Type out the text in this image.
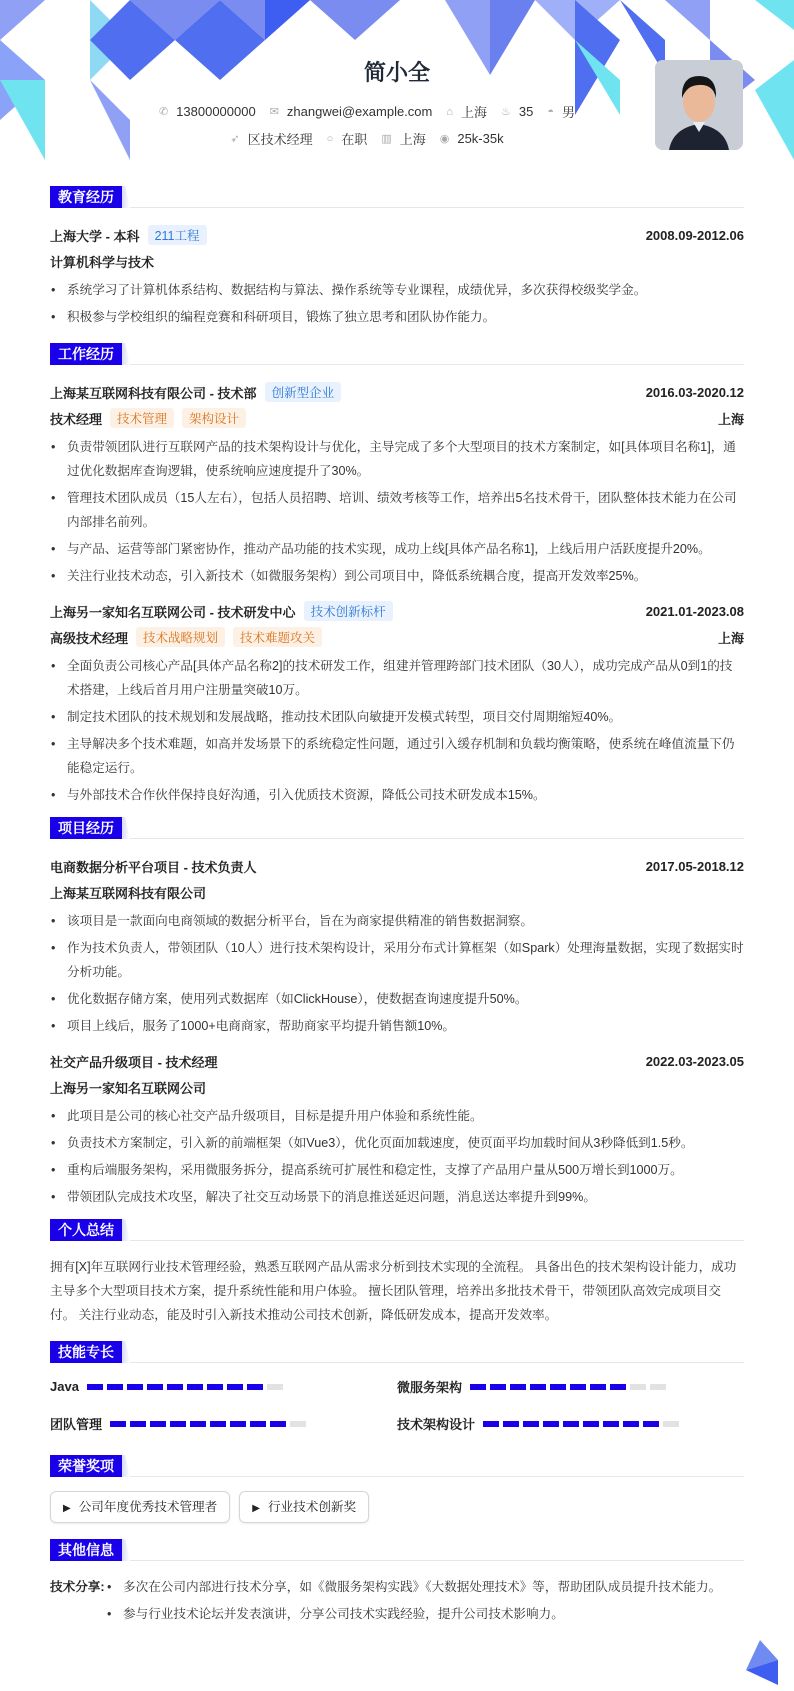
简小全
✆ 13800000000 ✉ zhangwei@example.com ⌂ 上海 ♨ 35 ◓ 男
➶ 区技术经理 ○ 在职 ▥ 上海 ◉ 25k-35k
教育经历
上海大学 - 本科	211工程	2008.09-2012.06
计算机科学与技术
• 系统学习了计算机体系结构、数据结构与算法、操作系统等专业课程，成绩优异，多次获得校级奖学金。
• 积极参与学校组织的编程竞赛和科研项目，锻炼了独立思考和团队协作能力。
工作经历
上海某互联网科技有限公司 - 技术部	创新型企业	2016.03-2020.12
技术经理	技术管理	架构设计	上海
• 负责带领团队进行互联网产品的技术架构设计与优化，主导完成了多个大型项目的技术方案制定，如[具体项目名称1]，通过优化数据库查询逻辑，使系统响应速度提升了30%。
• 管理技术团队成员（15人左右），包括人员招聘、培训、绩效考核等工作，培养出5名技术骨干，团队整体技术能力在公司内部排名前列。
• 与产品、运营等部门紧密协作，推动产品功能的技术实现，成功上线[具体产品名称1]，上线后用户活跃度提升20%。
• 关注行业技术动态，引入新技术（如微服务架构）到公司项目中，降低系统耦合度，提高开发效率25%。
上海另一家知名互联网公司 - 技术研发中心	技术创新标杆	2021.01-2023.08
高级技术经理	技术战略规划	技术难题攻关	上海
• 全面负责公司核心产品[具体产品名称2]的技术研发工作，组建并管理跨部门技术团队（30人），成功完成产品从0到1的技术搭建，上线后首月用户注册量突破10万。
• 制定技术团队的技术规划和发展战略，推动技术团队向敏捷开发模式转型，项目交付周期缩短40%。
• 主导解决多个技术难题，如高并发场景下的系统稳定性问题，通过引入缓存机制和负载均衡策略，使系统在峰值流量下仍能稳定运行。
• 与外部技术合作伙伴保持良好沟通，引入优质技术资源，降低公司技术研发成本15%。
项目经历
电商数据分析平台项目 - 技术负责人	2017.05-2018.12
上海某互联网科技有限公司
• 该项目是一款面向电商领域的数据分析平台，旨在为商家提供精准的销售数据洞察。
• 作为技术负责人，带领团队（10人）进行技术架构设计，采用分布式计算框架（如Spark）处理海量数据，实现了数据实时分析功能。
• 优化数据存储方案，使用列式数据库（如ClickHouse），使数据查询速度提升50%。
• 项目上线后，服务了1000+电商商家，帮助商家平均提升销售额10%。
社交产品升级项目 - 技术经理	2022.03-2023.05
上海另一家知名互联网公司
• 此项目是公司的核心社交产品升级项目，目标是提升用户体验和系统性能。
• 负责技术方案制定，引入新的前端框架（如Vue3），优化页面加载速度，使页面平均加载时间从3秒降低到1.5秒。
• 重构后端服务架构，采用微服务拆分，提高系统可扩展性和稳定性，支撑了产品用户量从500万增长到1000万。
• 带领团队完成技术攻坚，解决了社交互动场景下的消息推送延迟问题，消息送达率提升到99%。
个人总结

拥有[X]年互联网行业技术管理经验，熟悉互联网产品从需求分析到技术实现的全流程。 具备出色的技术架构设计能力，成功主导多个大型项目技术方案，提升系统性能和用户体验。 擅长团队管理，培养出多批技术骨干，带领团队高效完成项目交付。 关注行业动态，能及时引入新技术推动公司技术创新，降低研发成本，提高开发效率。

技能专长
Java	微服务架构
团队管理	技术架构设计
荣誉奖项
▶ 公司年度优秀技术管理者	▶ 行业技术创新奖
其他信息
技术分享:	• 多次在公司内部进行技术分享，如《微服务架构实践》《大数据处理技术》等，帮助团队成员提升技术能力。
• 参与行业技术论坛并发表演讲，分享公司技术实践经验，提升公司技术影响力。
